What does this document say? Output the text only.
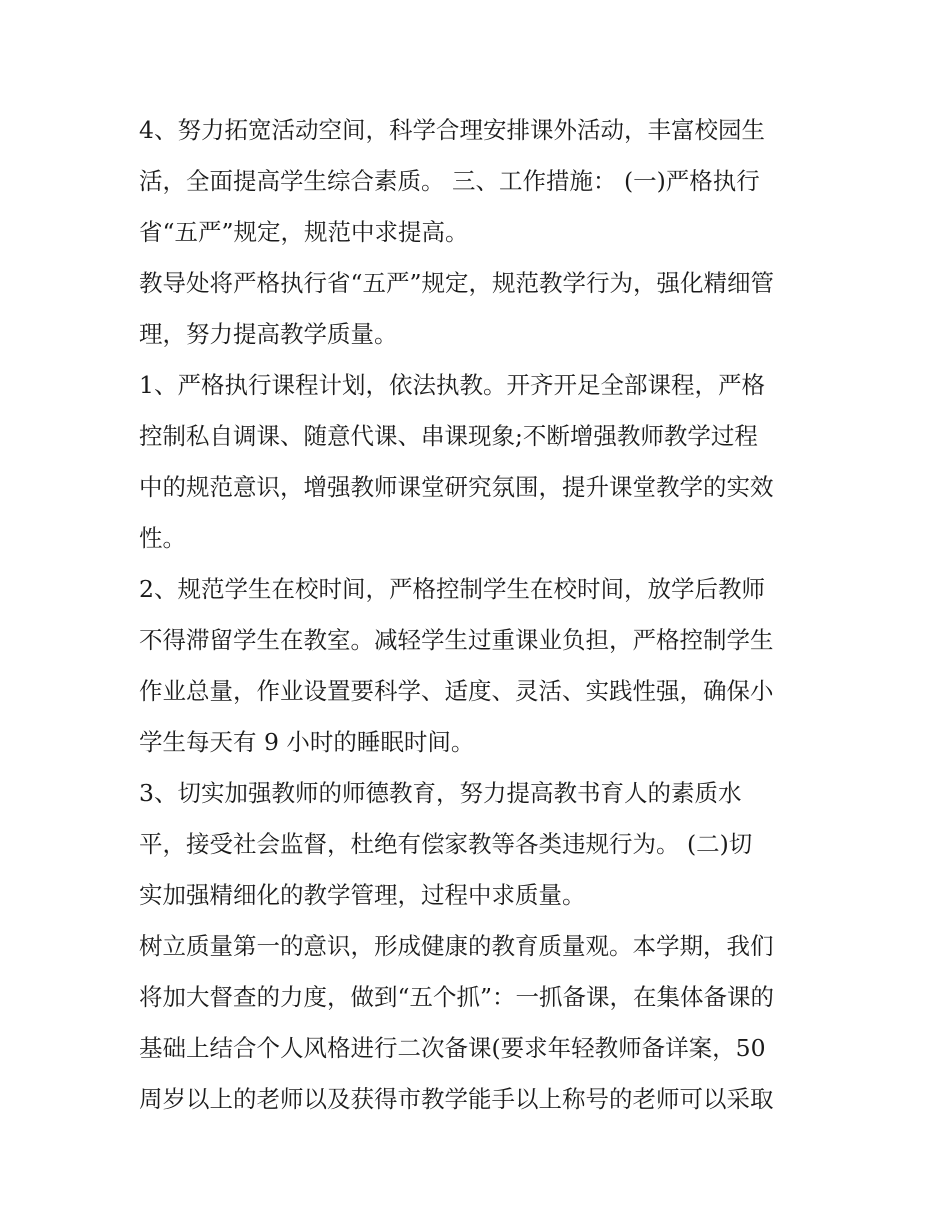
4、努力拓宽活动空间，科学合理安排课外活动，丰富校园生
活，全面提高学生综合素质。 三、工作措施： (一)严格执行
省“五严”规定，规范中求提高。
教导处将严格执行省“五严”规定，规范教学行为，强化精细管
理，努力提高教学质量。
1、严格执行课程计划，依法执教。开齐开足全部课程，严格
控制私自调课、随意代课、串课现象;不断增强教师教学过程
中的规范意识，增强教师课堂研究氛围，提升课堂教学的实效
性。
2、规范学生在校时间，严格控制学生在校时间，放学后教师
不得滞留学生在教室。减轻学生过重课业负担，严格控制学生
作业总量，作业设置要科学、适度、灵活、实践性强，确保小
学生每天有 9 小时的睡眠时间。
3、切实加强教师的师德教育，努力提高教书育人的素质水
平，接受社会监督，杜绝有偿家教等各类违规行为。 (二)切
实加强精细化的教学管理，过程中求质量。
树立质量第一的意识，形成健康的教育质量观。本学期，我们
将加大督查的力度，做到“五个抓”：一抓备课，在集体备课的
基础上结合个人风格进行二次备课(要求年轻教师备详案，50
周岁以上的老师以及获得市教学能手以上称号的老师可以采取
